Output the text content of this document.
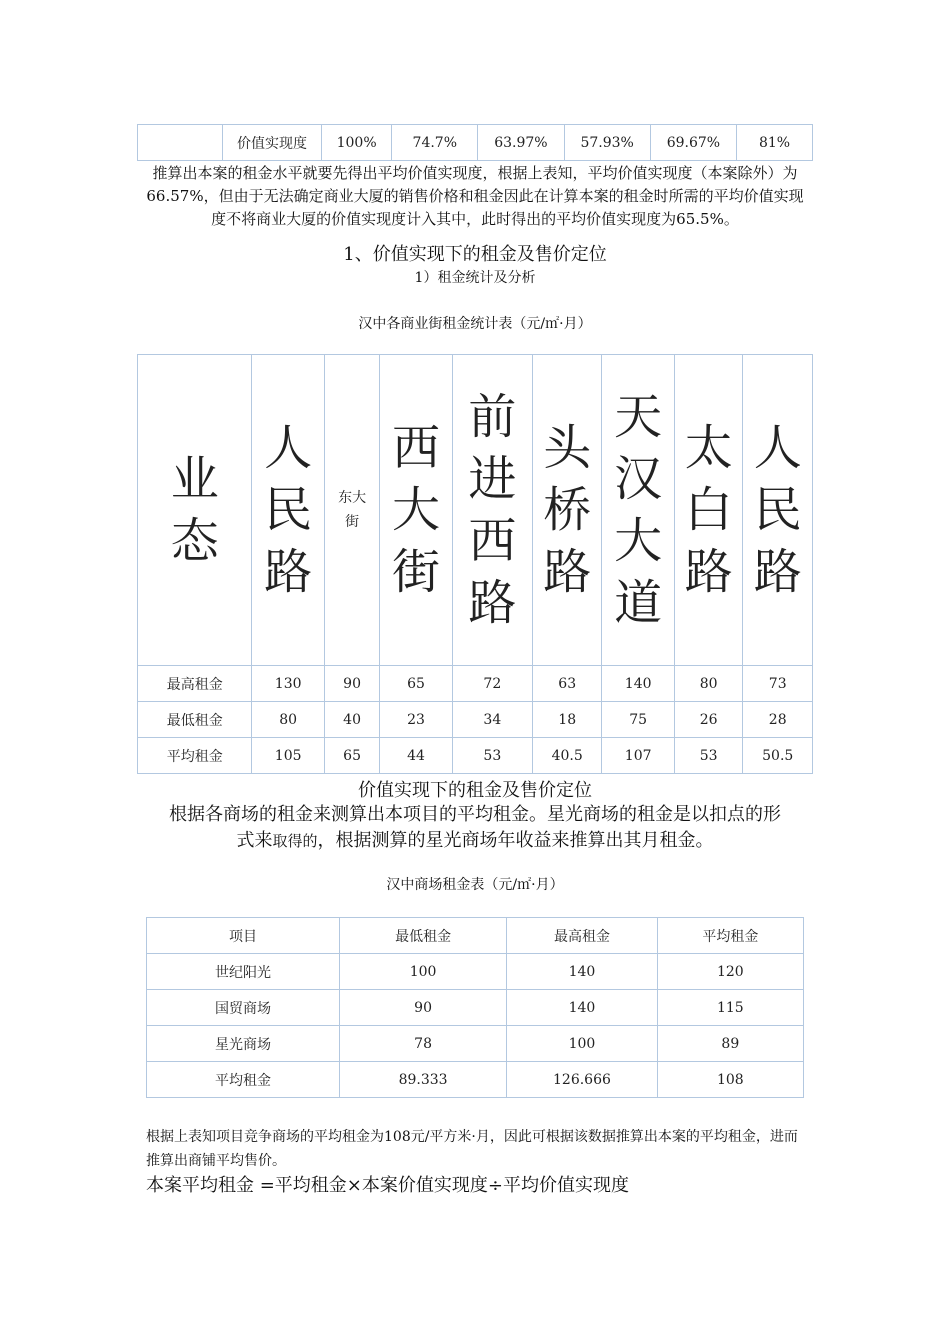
	价值实现度	100%	74.7%	63.97%	57.93%	69.67%	81%
推算出本案的租金水平就要先得出平均价值实现度，根据上表知，平均价值实现度（本案除外）为66.57%，但由于无法确定商业大厦的销售价格和租金因此在计算本案的租金时所需的平均价值实现度不将商业大厦的价值实现度计入其中，此时得出的平均价值实现度为65.5%。
1、价值实现下的租金及售价定位
1）租金统计及分析
汉中各商业街租金统计表（元/㎡·月）
业态	人民路	东大街	西大街	前进西路	头桥路	天汉大道	太白路	人民路
最高租金	130	90	65	72	63	140	80	73
最低租金	80	40	23	34	18	75	26	28
平均租金	105	65	44	53	40.5	107	53	50.5
价值实现下的租金及售价定位
根据各商场的租金来测算出本项目的平均租金。星光商场的租金是以扣点的形
式来取得的，根据测算的星光商场年收益来推算出其月租金。
汉中商场租金表（元/㎡·月）
项目	最低租金	最高租金	平均租金
世纪阳光	100	140	120
国贸商场	90	140	115
星光商场	78	100	89
平均租金	89.333	126.666	108
根据上表知项目竞争商场的平均租金为108元/平方米·月，因此可根据该数据推算出本案的平均租金，进而推算出商铺平均售价。
本案平均租金 =平均租金×本案价值实现度÷平均价值实现度
